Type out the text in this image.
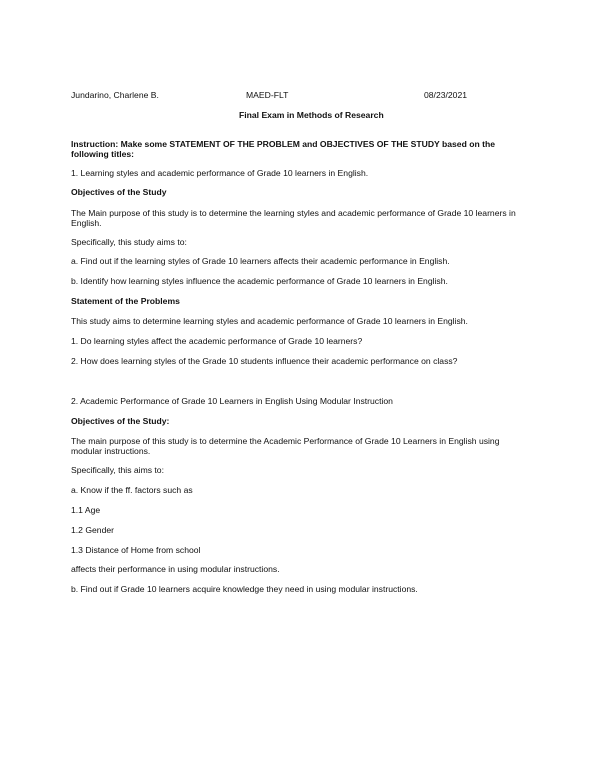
Jundarino, Charlene B.	MAED-FLT	08/23/2021
Final Exam in Methods of Research
Instruction: Make some STATEMENT OF THE PROBLEM and OBJECTIVES OF THE STUDY based on the following titles:
1. Learning styles and academic performance of Grade 10 learners in English.
Objectives of the Study
The Main purpose of this study is to determine the learning styles and academic performance of Grade 10 learners in English.
Specifically, this study aims to:
a. Find out if the learning styles of Grade 10 learners affects their academic performance in English.
b. Identify how learning styles influence the academic performance of Grade 10 learners in English.
Statement of the Problems
This study aims to determine learning styles and academic performance of Grade 10 learners in English.
1. Do learning styles affect the academic performance of Grade 10 learners?
2. How does learning styles of the Grade 10 students influence their academic performance on class?
2. Academic Performance of Grade 10 Learners in English Using Modular Instruction
Objectives of the Study:
The main purpose of this study is to determine the Academic Performance of Grade 10 Learners in English using modular instructions.
Specifically, this aims to:
a. Know if the ff. factors such as
1.1 Age
1.2 Gender
1.3 Distance of Home from school
affects their performance in using modular instructions.
b. Find out if Grade 10 learners acquire knowledge they need in using modular instructions.
